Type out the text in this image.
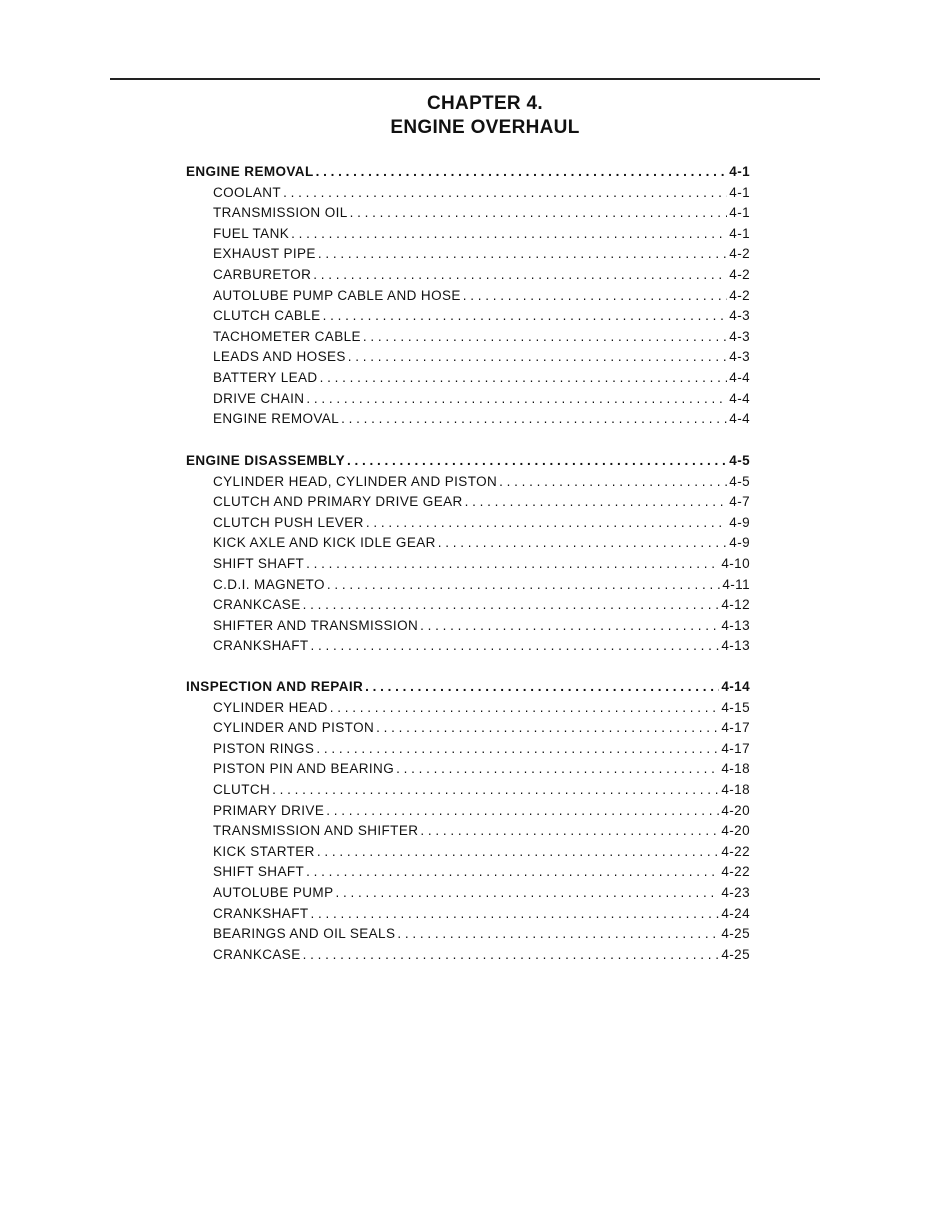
CHAPTER 4.
ENGINE OVERHAUL
ENGINE REMOVAL . . .	4-1
COOLANT . . .	4-1
TRANSMISSION OIL . . .	4-1
FUEL TANK . . .	4-1
EXHAUST PIPE . . .	4-2
CARBURETOR . . .	4-2
AUTOLUBE PUMP CABLE AND HOSE . . .	4-2
CLUTCH CABLE . . .	4-3
TACHOMETER CABLE . . .	4-3
LEADS AND HOSES . . .	4-3
BATTERY LEAD . . .	4-4
DRIVE CHAIN . . .	4-4
ENGINE REMOVAL . . .	4-4
ENGINE DISASSEMBLY . . .	4-5
CYLINDER HEAD, CYLINDER AND PISTON . . .	4-5
CLUTCH AND PRIMARY DRIVE GEAR . . .	4-7
CLUTCH PUSH LEVER . . .	4-9
KICK AXLE AND KICK IDLE GEAR . . .	4-9
SHIFT SHAFT . . .	4-10
C.D.I. MAGNETO . . .	4-11
CRANKCASE . . .	4-12
SHIFTER AND TRANSMISSION . . .	4-13
CRANKSHAFT . . .	4-13
INSPECTION AND REPAIR . . .	4-14
CYLINDER HEAD . . .	4-15
CYLINDER AND PISTON . . .	4-17
PISTON RINGS . . .	4-17
PISTON PIN AND BEARING . . .	4-18
CLUTCH . . .	4-18
PRIMARY DRIVE . . .	4-20
TRANSMISSION AND SHIFTER . . .	4-20
KICK STARTER . . .	4-22
SHIFT SHAFT . . .	4-22
AUTOLUBE PUMP . . .	4-23
CRANKSHAFT . . .	4-24
BEARINGS AND OIL SEALS . . .	4-25
CRANKCASE . . .	4-25
